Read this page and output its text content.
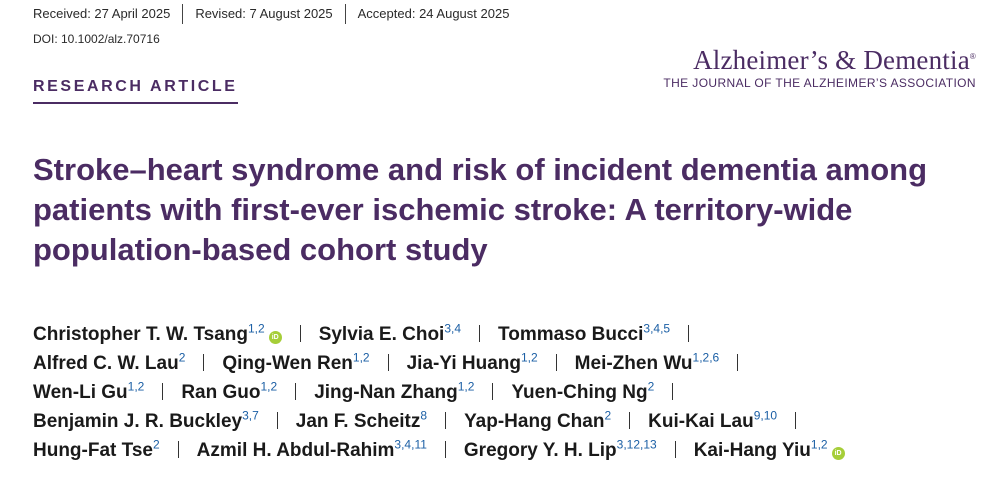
Received: 27 April 2025	Revised: 7 August 2025	Accepted: 24 August 2025
DOI: 10.1002/alz.70716
Alzheimer’s & Dementia®
THE JOURNAL OF THE ALZHEIMER’S ASSOCIATION
RESEARCH ARTICLE
Stroke–heart syndrome and risk of incident dementia among patients with first-ever ischemic stroke: A territory-wide population-based cohort study
Christopher T. W. Tsang$^{1,2}$iD Sylvia E. Choi$^{3,4}$ Tommaso Bucci$^{3,4,5}$
Alfred C. W. Lau$^2$ Qing-Wen Ren$^{1,2}$ Jia-Yi Huang$^{1,2}$ Mei-Zhen Wu$^{1,2,6}$
Wen-Li Gu$^{1,2}$ Ran Guo$^{1,2}$ Jing-Nan Zhang$^{1,2}$ Yuen-Ching Ng$^2$
Benjamin J. R. Buckley$^{3,7}$ Jan F. Scheitz$^8$ Yap-Hang Chan$^2$ Kui-Kai Lau$^{9,10}$
Hung-Fat Tse$^2$ Azmil H. Abdul-Rahim$^{3,4,11}$ Gregory Y. H. Lip$^{3,12,13}$ Kai-Hang Yiu$^{1,2}$iD
